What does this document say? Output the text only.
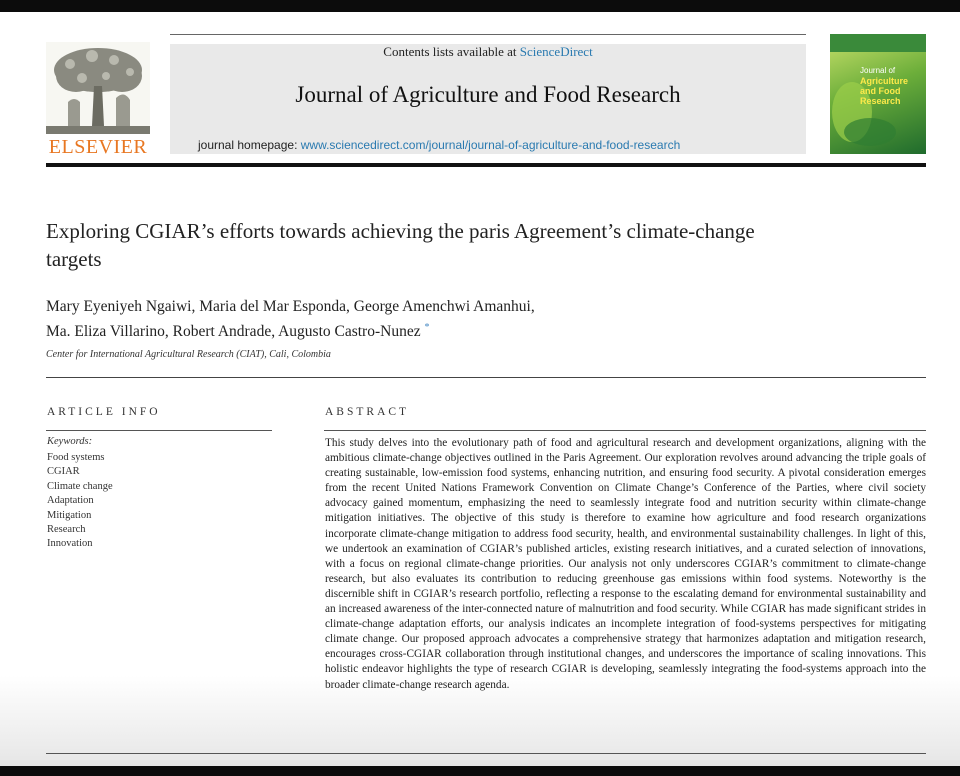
ELSEVIER
Contents lists available at ScienceDirect
Journal of Agriculture and Food Research
journal homepage: www.sciencedirect.com/journal/journal-of-agriculture-and-food-research
Journal of
Agriculture
and Food
Research
Exploring CGIAR’s efforts towards achieving the paris Agreement’s climate-change targets
Mary Eyeniyeh Ngaiwi, Maria del Mar Esponda, George Amenchwi Amanhui,
Ma. Eliza Villarino, Robert Andrade, Augusto Castro-Nunez *
Center for International Agricultural Research (CIAT), Cali, Colombia
ARTICLE INFO
Keywords:
Food systems
CGIAR
Climate change
Adaptation
Mitigation
Research
Innovation
ABSTRACT
This study delves into the evolutionary path of food and agricultural research and development organizations, aligning with the ambitious climate-change objectives outlined in the Paris Agreement. Our exploration revolves around advancing the triple goals of creating sustainable, low-emission food systems, enhancing nutrition, and ensuring food security. A pivotal consideration emerges from the recent United Nations Framework Convention on Climate Change’s Conference of the Parties, where civil society advocacy gained momentum, emphasizing the need to seamlessly integrate food and nutrition security within climate-change mitigation initiatives. The objective of this study is therefore to examine how agriculture and food research organizations incorporate climate-change mitigation to address food security, health, and environmental sustainability challenges. In light of this, we undertook an examination of CGIAR’s published articles, existing research initiatives, and a curated selection of innovations, with a focus on regional climate-change priorities. Our analysis not only underscores CGIAR’s commitment to climate-change research, but also evaluates its contribution to reducing greenhouse gas emissions within food systems. Noteworthy is the discernible shift in CGIAR’s research portfolio, reflecting a response to the escalating demand for environmental sustainability and an increased awareness of the inter-connected nature of malnutrition and food security. While CGIAR has made significant strides in climate-change adaptation efforts, our analysis indicates an incomplete integration of food-systems perspectives for mitigating climate change. Our proposed approach advocates a comprehensive strategy that harmonizes adaptation and mitigation research, encourages cross-CGIAR collaboration through institutional changes, and underscores the importance of scaling innovations. This holistic endeavor highlights the type of research CGIAR is developing, seamlessly integrating the food-systems approach into the broader climate-change research agenda.
